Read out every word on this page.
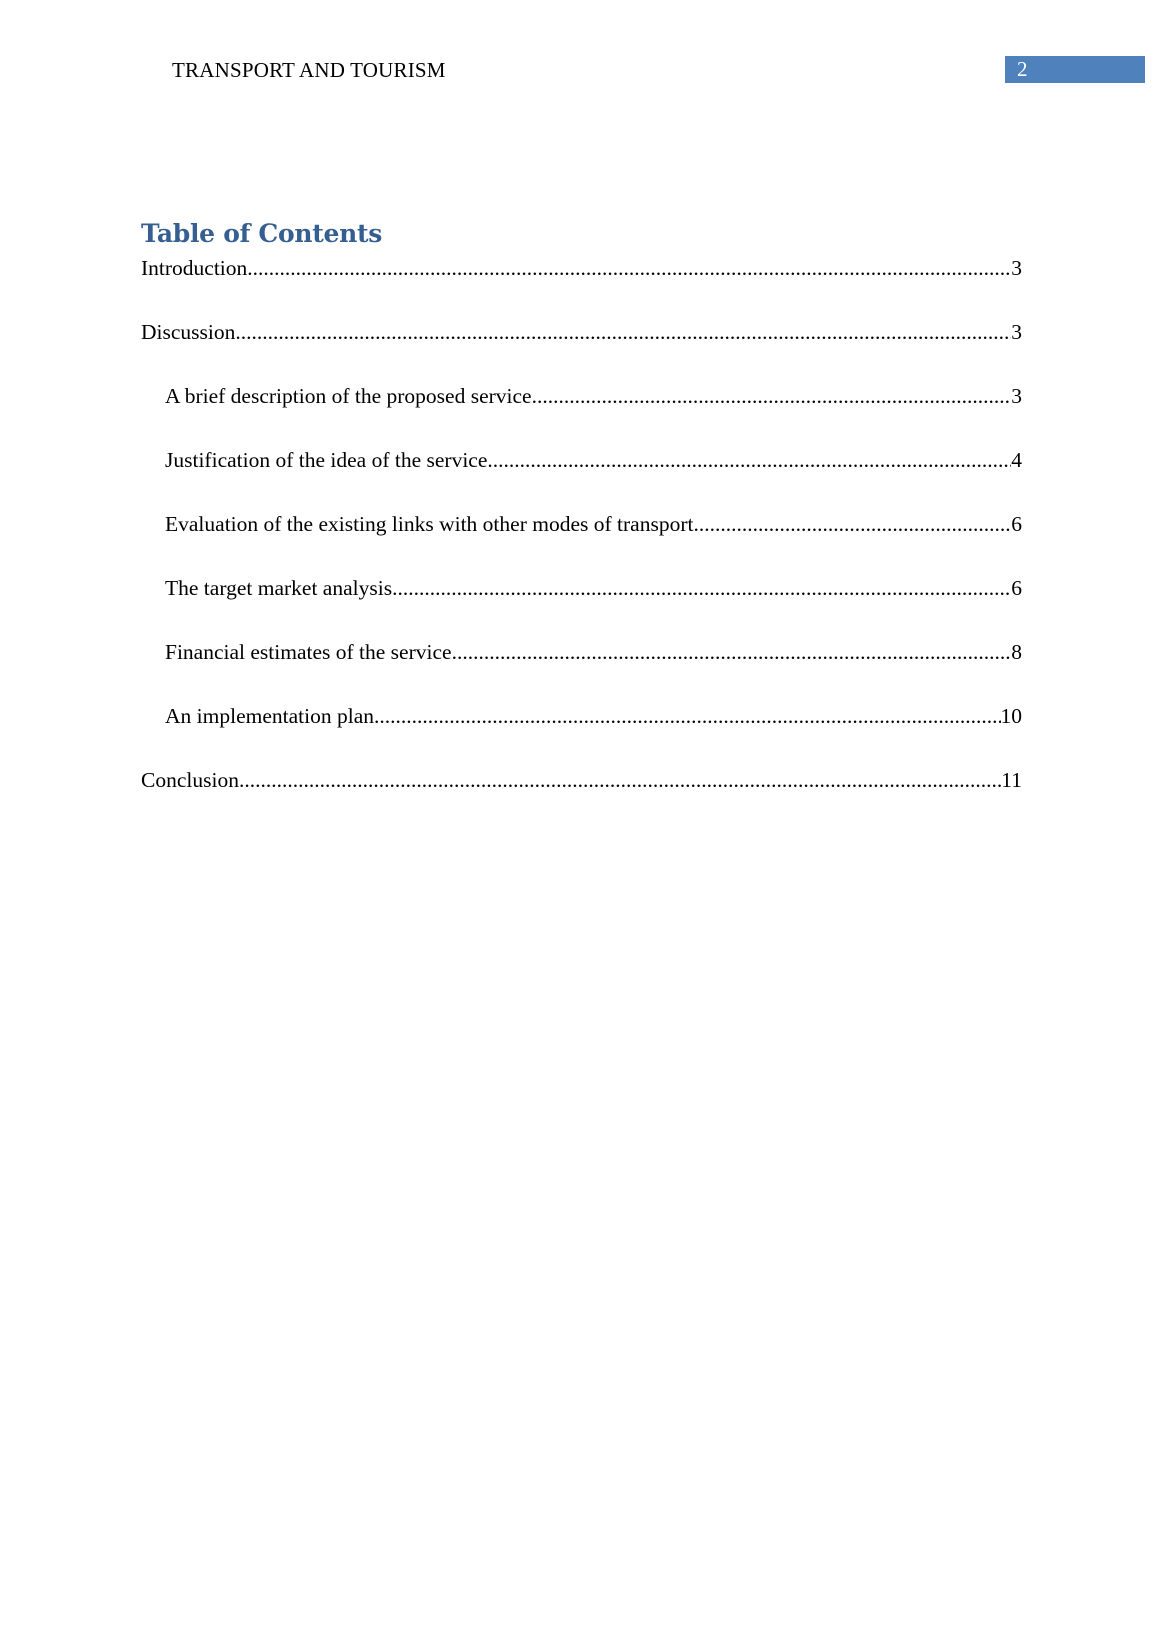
TRANSPORT AND TOURISM	2
Table of Contents
Introduction .....	3
Discussion .....	3
A brief description of the proposed service .....	3
Justification of the idea of the service .....	4
Evaluation of the existing links with other modes of transport .....	6
The target market analysis .....	6
Financial estimates of the service .....	8
An implementation plan .....	10
Conclusion .....	11
